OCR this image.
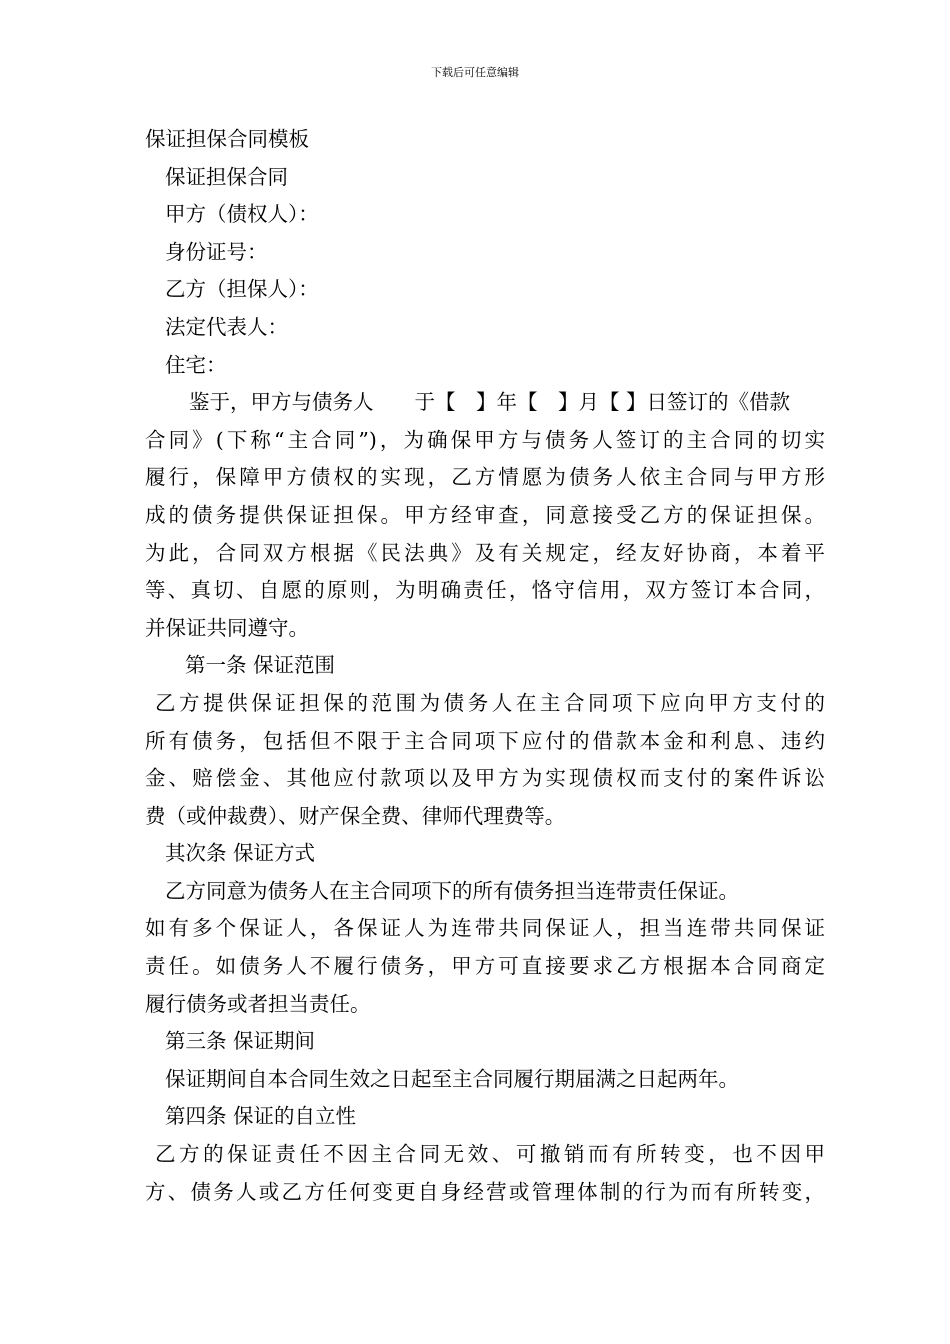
下载后可任意编辑
保证担保合同模板
保证担保合同
甲方（债权人）：
身份证号：
乙方（担保人）：
法定代表人：
住宅：
鉴于，甲方与债务人　　于【　】年【　】月【 】日签订的《借款
合同》(下称“主合同”)，为确保甲方与债务人签订的主合同的切实
履行，保障甲方债权的实现，乙方情愿为债务人依主合同与甲方形
成的债务提供保证担保。甲方经审查，同意接受乙方的保证担保。
为此，合同双方根据《民法典》及有关规定，经友好协商，本着平
等、真切、自愿的原则，为明确责任，恪守信用，双方签订本合同，
并保证共同遵守。
第一条 保证范围
乙方提供保证担保的范围为债务人在主合同项下应向甲方支付的
所有债务，包括但不限于主合同项下应付的借款本金和利息、违约
金、赔偿金、其他应付款项以及甲方为实现债权而支付的案件诉讼
费（或仲裁费）、财产保全费、律师代理费等。
其次条 保证方式
乙方同意为债务人在主合同项下的所有债务担当连带责任保证。
如有多个保证人，各保证人为连带共同保证人，担当连带共同保证
责任。如债务人不履行债务，甲方可直接要求乙方根据本合同商定
履行债务或者担当责任。
第三条 保证期间
保证期间自本合同生效之日起至主合同履行期届满之日起两年。
第四条 保证的自立性
乙方的保证责任不因主合同无效、可撤销而有所转变，也不因甲
方、债务人或乙方任何变更自身经营或管理体制的行为而有所转变，
